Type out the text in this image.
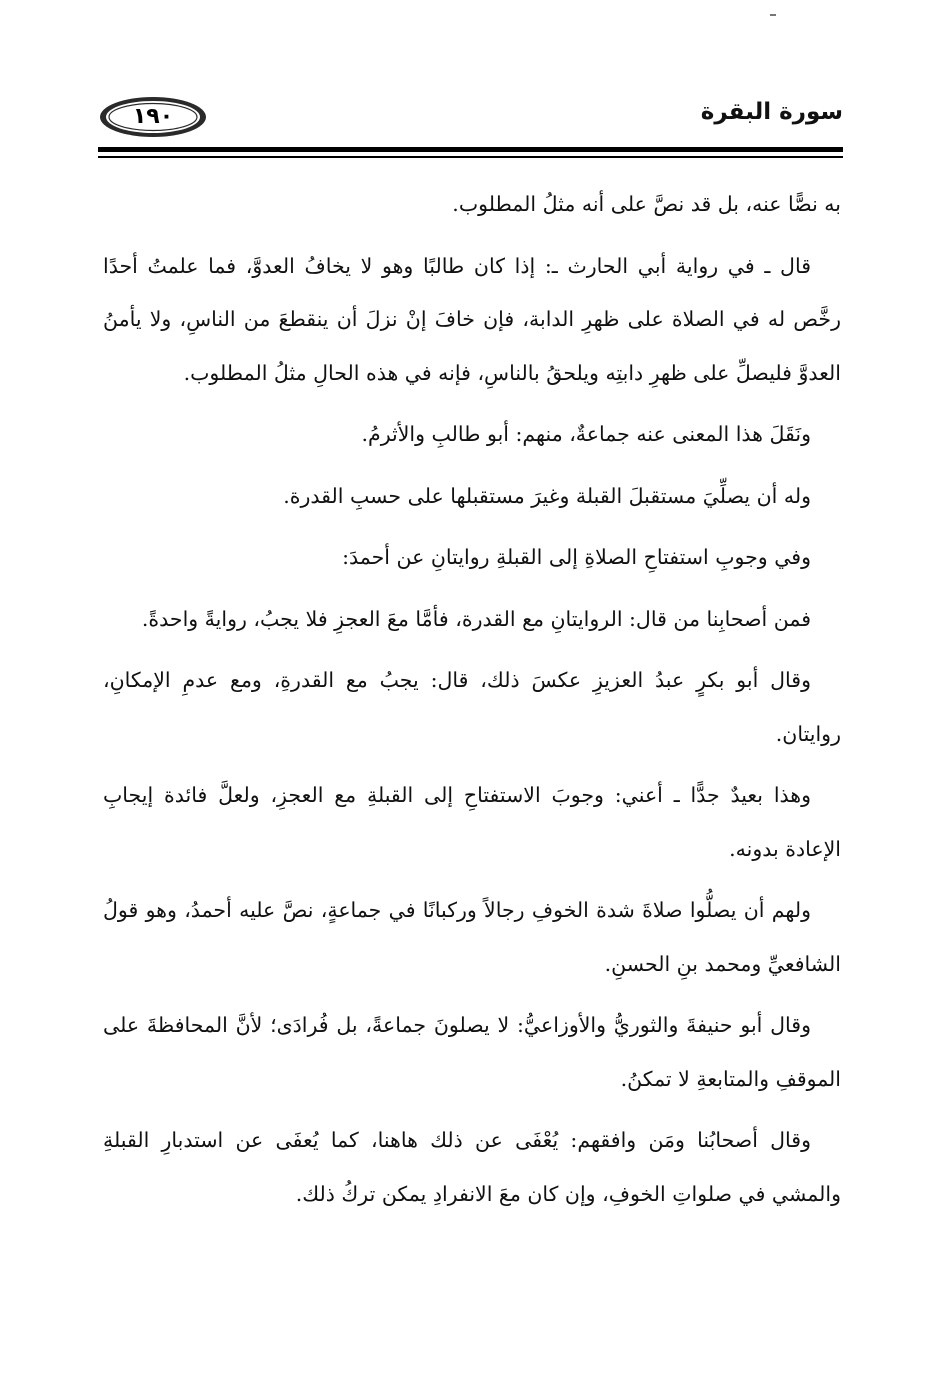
١٩٠	سورة البقرة

به نصًّا عنه، بل قد نصَّ على أنه مثلُ المطلوب.

قال ـ في رواية أبي الحارث ـ: إذا كان طالبًا وهو لا يخافُ العدوَّ، فما علمتُ أحدًا رخَّص له في الصلاة على ظهرِ الدابة، فإن خافَ إنْ نزلَ أن ينقطعَ من الناسِ، ولا يأمنُ العدوَّ فليصلِّ على ظهرِ دابتِه ويلحقُ بالناسِ، فإنه في هذه الحالِ مثلُ المطلوب.

ونَقَلَ هذا المعنى عنه جماعةٌ، منهم: أبو طالبِ والأثرمُ.

وله أن يصلِّيَ مستقبلَ القبلة وغيرَ مستقبلها على حسبِ القدرة.

وفي وجوبِ استفتاحِ الصلاةِ إلى القبلةِ روايتانِ عن أحمدَ:

فمن أصحابِنا من قال: الروايتانِ مع القدرة، فأمَّا معَ العجزِ فلا يجبُ، روايةً واحدةً.

وقال أبو بكرٍ عبدُ العزيزِ عكسَ ذلك، قال: يجبُ مع القدرةِ، ومع عدمِ الإمكانِ، روايتان.

وهذا بعيدٌ جدًّا ـ أعني: وجوبَ الاستفتاحِ إلى القبلةِ مع العجزِ، ولعلَّ فائدة إيجابِ الإعادة بدونه.

ولهم أن يصلُّوا صلاةَ شدة الخوفِ رجالاً وركبانًا في جماعةٍ، نصَّ عليه أحمدُ، وهو قولُ الشافعيِّ ومحمد بنِ الحسنِ.

وقال أبو حنيفةَ والثوريُّ والأوزاعيُّ: لا يصلونَ جماعةً، بل فُرادَى؛ لأنَّ المحافظةَ على الموقفِ والمتابعةِ لا تمكنُ.

وقال أصحابُنا ومَن وافقهم: يُعْفَى عن ذلك هاهنا، كما يُعفَى عن استدبارِ القبلةِ والمشي في صلواتِ الخوفِ، وإن كان معَ الانفرادِ يمكن تركُ ذلك.
